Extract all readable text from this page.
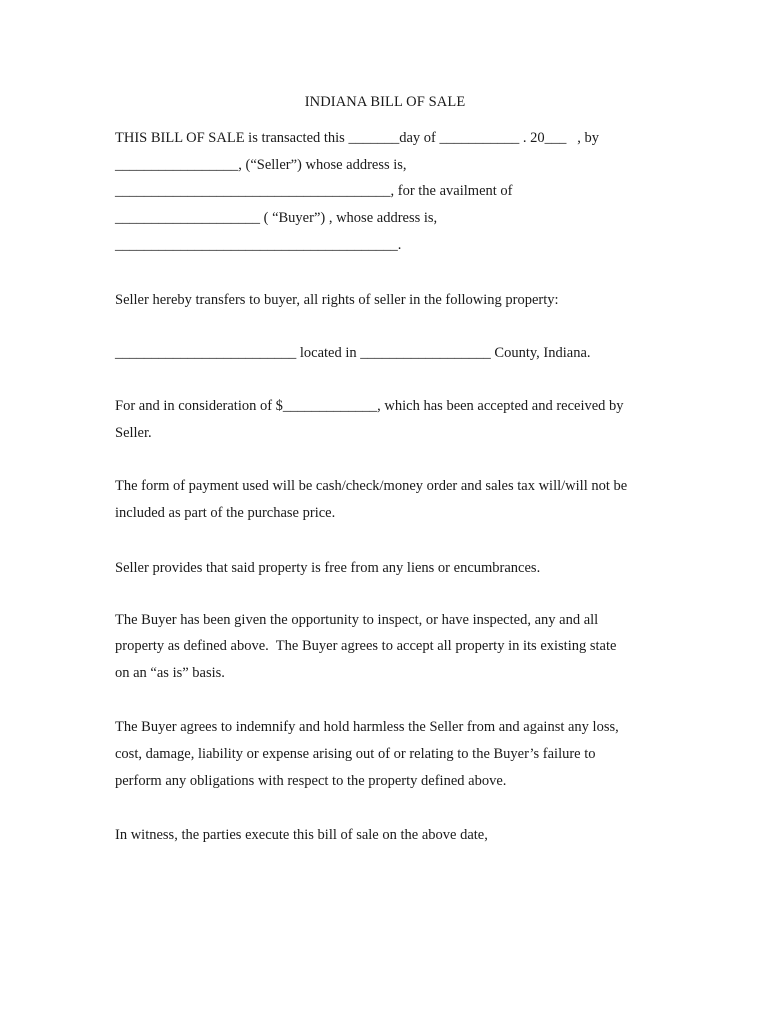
INDIANA BILL OF SALE
THIS BILL OF SALE is transacted this _______day of ___________ . 20___   , by
_________________, (“Seller”) whose address is,
______________________________________, for the availment of
____________________ ( “Buyer”) , whose address is,
_______________________________________.
Seller hereby transfers to buyer, all rights of seller in the following property:
_________________________ located in __________________ County, Indiana.
For and in consideration of $_____________, which has been accepted and received by
Seller.
The form of payment used will be cash/check/money order and sales tax will/will not be
included as part of the purchase price.
Seller provides that said property is free from any liens or encumbrances.
The Buyer has been given the opportunity to inspect, or have inspected, any and all
property as defined above.  The Buyer agrees to accept all property in its existing state
on an “as is” basis.
The Buyer agrees to indemnify and hold harmless the Seller from and against any loss,
cost, damage, liability or expense arising out of or relating to the Buyer’s failure to
perform any obligations with respect to the property defined above.
In witness, the parties execute this bill of sale on the above date,
